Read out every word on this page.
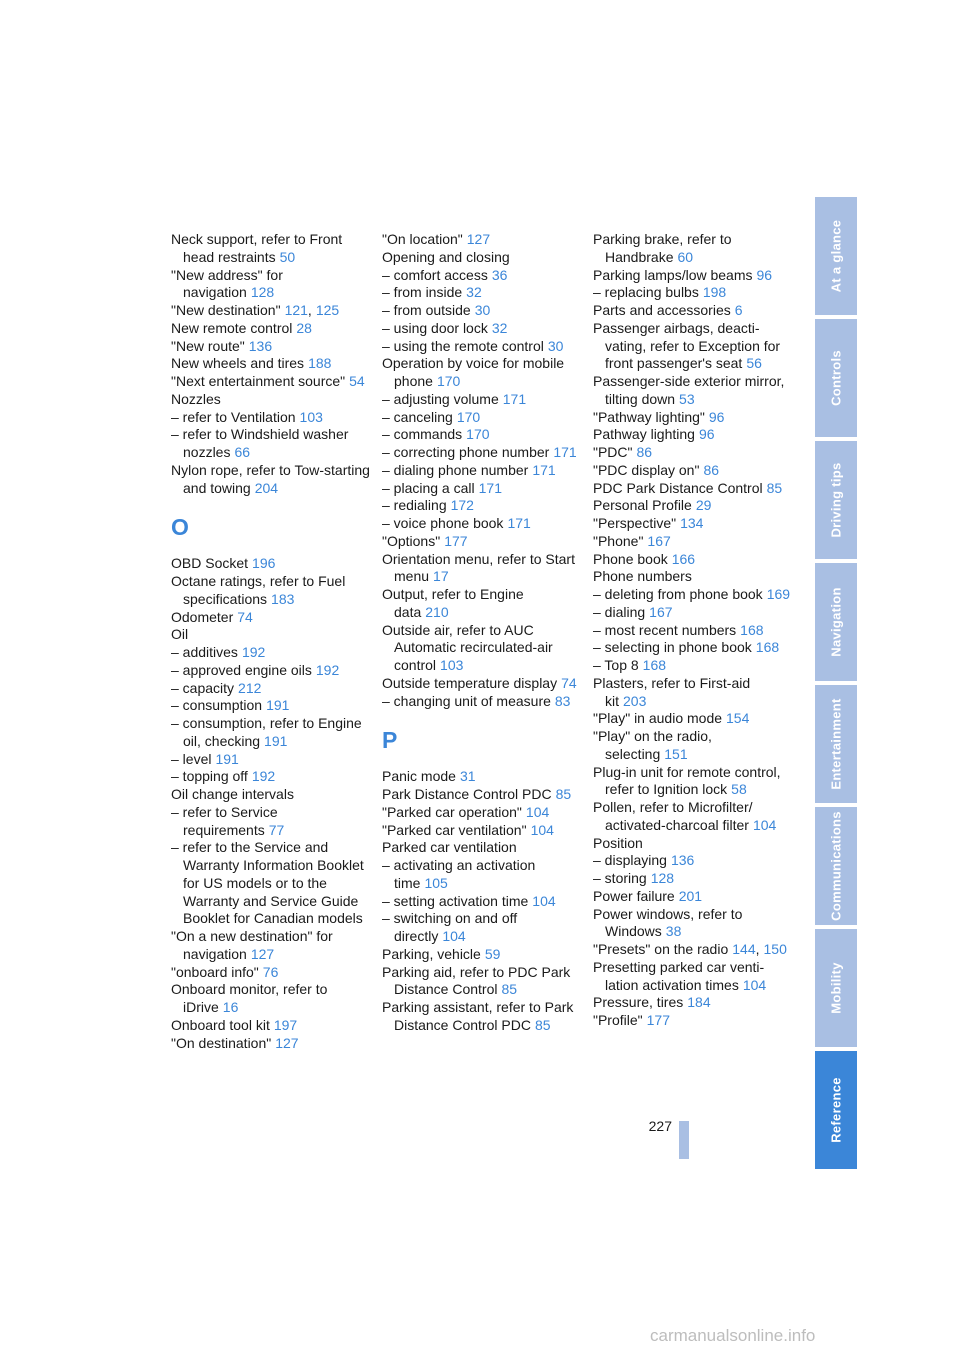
Neck support, refer to Front head restraints 50
"New address" for navigation 128
"New destination" 121, 125
New remote control 28
"New route" 136
New wheels and tires 188
"Next entertainment source" 54
Nozzles
– refer to Ventilation 103
– refer to Windshield washer nozzles 66
Nylon rope, refer to Tow-starting and towing 204
O
OBD Socket 196
Octane ratings, refer to Fuel specifications 183
Odometer 74
Oil
– additives 192
– approved engine oils 192
– capacity 212
– consumption 191
– consumption, refer to Engine oil, checking 191
– level 191
– topping off 192
Oil change intervals
– refer to Service requirements 77
– refer to the Service and Warranty Information Booklet for US models or to the Warranty and Service Guide Booklet for Canadian models
"On a new destination" for navigation 127
"onboard info" 76
Onboard monitor, refer to iDrive 16
Onboard tool kit 197
"On destination" 127
"On location" 127
Opening and closing
– comfort access 36
– from inside 32
– from outside 30
– using door lock 32
– using the remote control 30
Operation by voice for mobile phone 170
– adjusting volume 171
– canceling 170
– commands 170
– correcting phone number 171
– dialing phone number 171
– placing a call 171
– redialing 172
– voice phone book 171
"Options" 177
Orientation menu, refer to Start menu 17
Output, refer to Engine data 210
Outside air, refer to AUC Automatic recirculated-air control 103
Outside temperature display 74
– changing unit of measure 83
P
Panic mode 31
Park Distance Control PDC 85
"Parked car operation" 104
"Parked car ventilation" 104
Parked car ventilation
– activating an activation time 105
– setting activation time 104
– switching on and off directly 104
Parking, vehicle 59
Parking aid, refer to PDC Park Distance Control 85
Parking assistant, refer to Park Distance Control PDC 85
Parking brake, refer to Handbrake 60
Parking lamps/low beams 96
– replacing bulbs 198
Parts and accessories 6
Passenger airbags, deacti-vating, refer to Exception for front passenger's seat 56
Passenger-side exterior mirror, tilting down 53
"Pathway lighting" 96
Pathway lighting 96
"PDC" 86
"PDC display on" 86
PDC Park Distance Control 85
Personal Profile 29
"Perspective" 134
"Phone" 167
Phone book 166
Phone numbers
– deleting from phone book 169
– dialing 167
– most recent numbers 168
– selecting in phone book 168
– Top 8 168
Plasters, refer to First-aid kit 203
"Play" in audio mode 154
"Play" on the radio, selecting 151
Plug-in unit for remote control, refer to Ignition lock 58
Pollen, refer to Microfilter/ activated-charcoal filter 104
Position
– displaying 136
– storing 128
Power failure 201
Power windows, refer to Windows 38
"Presets" on the radio 144, 150
Presetting parked car venti-lation activation times 104
Pressure, tires 184
"Profile" 177
At a glance
Controls
Driving tips
Navigation
Entertainment
Communications
Mobility
Reference
227
carmanualsonline.info
